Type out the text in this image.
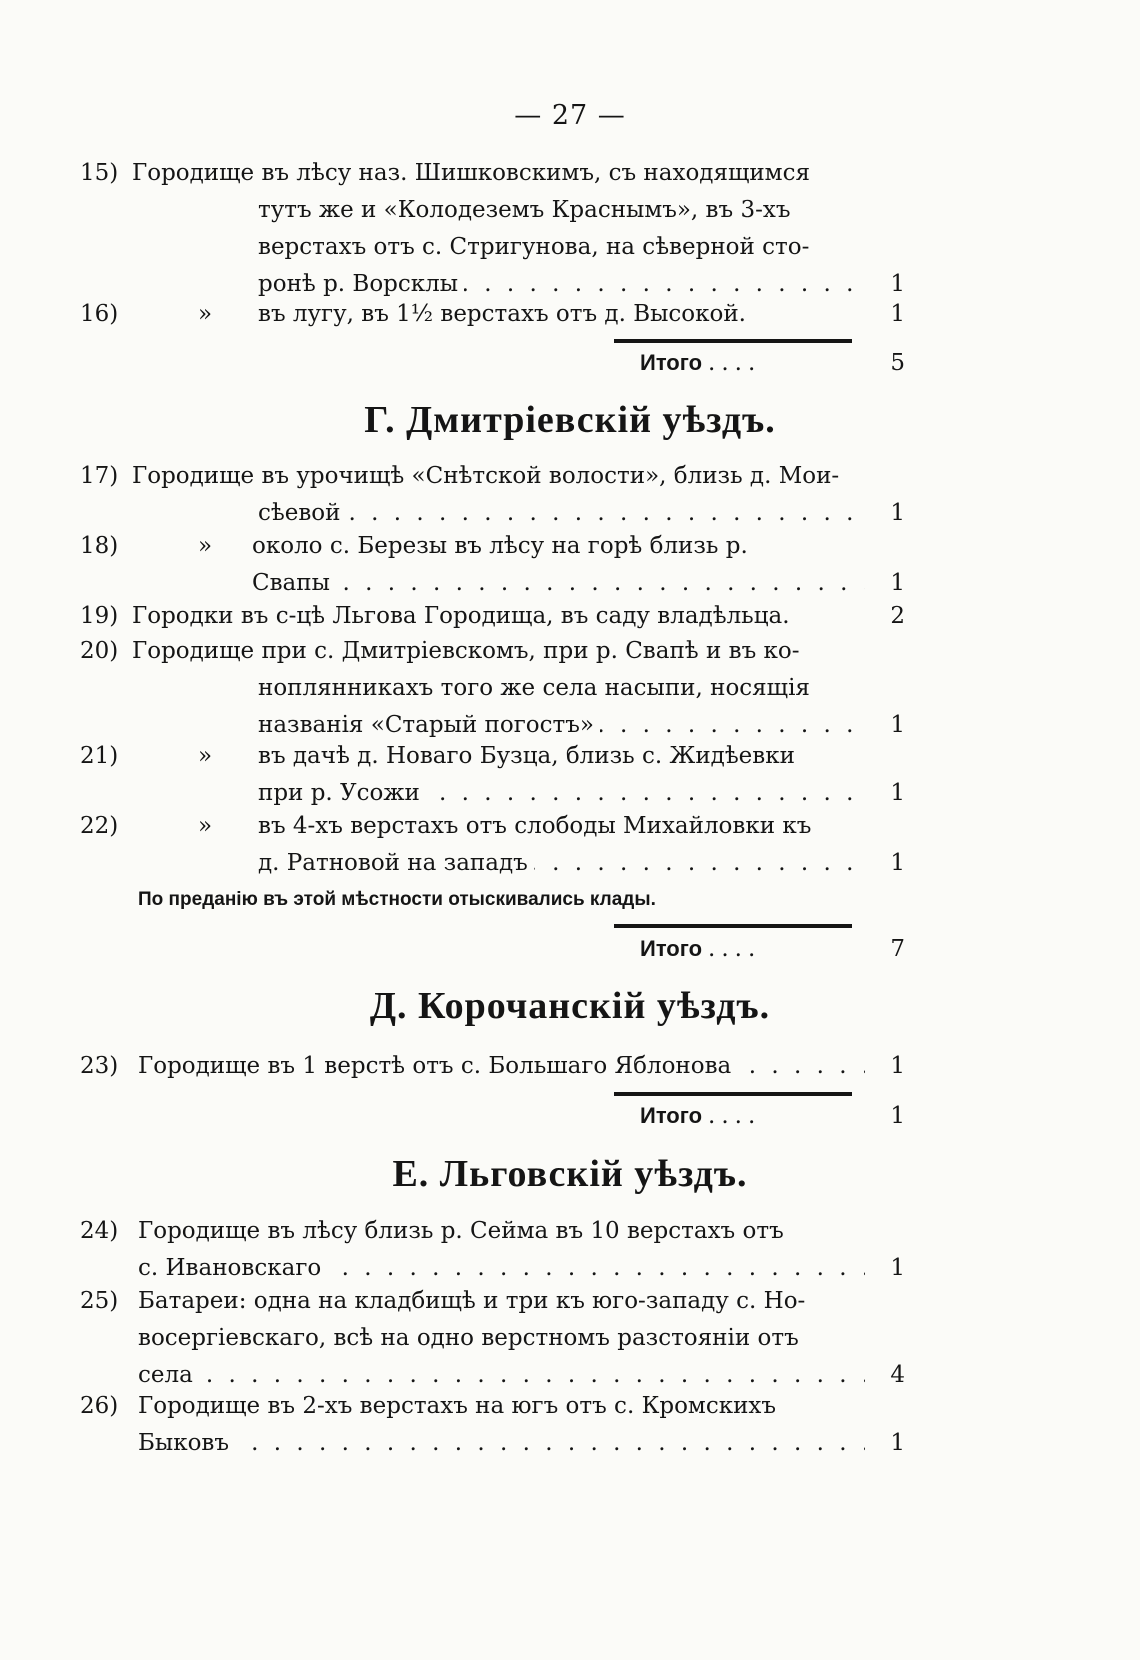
— 27 —
15) Городище въ лѣсу наз. Шишковскимъ, съ находящимся
тутъ же и «Колодеземъ Краснымъ», въ 3-хъ
верстахъ отъ с. Стригунова, на сѣверной сто-
ронѣ р. Ворсклы . . .	1
16)	»	въ лугу, въ 1½ верстахъ отъ д. Высокой.	1
Итого ....	5
Г. Дмитріевскій уѣздъ.
17) Городище въ урочищѣ «Снѣтской волости», близь д. Мои-
сѣевой . . .	1
18)	»	около с. Березы въ лѣсу на горѣ близь р.
Свапы . . .	1
19) Городки въ с-цѣ Льгова Городища, въ саду владѣльца.	2
20) Городище при с. Дмитріевскомъ, при р. Свапѣ и въ ко-
ноплянникахъ того же села насыпи, носящія
названія «Старый погостъ» . . .	1
21)	»	въ дачѣ д. Новаго Бузца, близь с. Жидѣевки
при р. Усожи . . .	1
22)	»	въ 4-хъ верстахъ отъ слободы Михайловки къ
д. Ратновой на западъ . . .	1
По преданію въ этой мѣстности отыскивались клады.
Итого ....	7
Д. Корочанскій уѣздъ.
23) Городище въ 1 верстѣ отъ с. Большаго Яблонова . . .	1
Итого ....	1
Е. Льговскій уѣздъ.
24) Городище въ лѣсу близь р. Сейма въ 10 верстахъ отъ
с. Ивановскаго . . .	1
25) Батареи: одна на кладбищѣ и три къ юго-западу с. Но-
восергіевскаго, всѣ на одно верстномъ разстояніи отъ
села . . .	4
26) Городище въ 2-хъ верстахъ на югъ отъ с. Кромскихъ
Быковъ . . .	1
